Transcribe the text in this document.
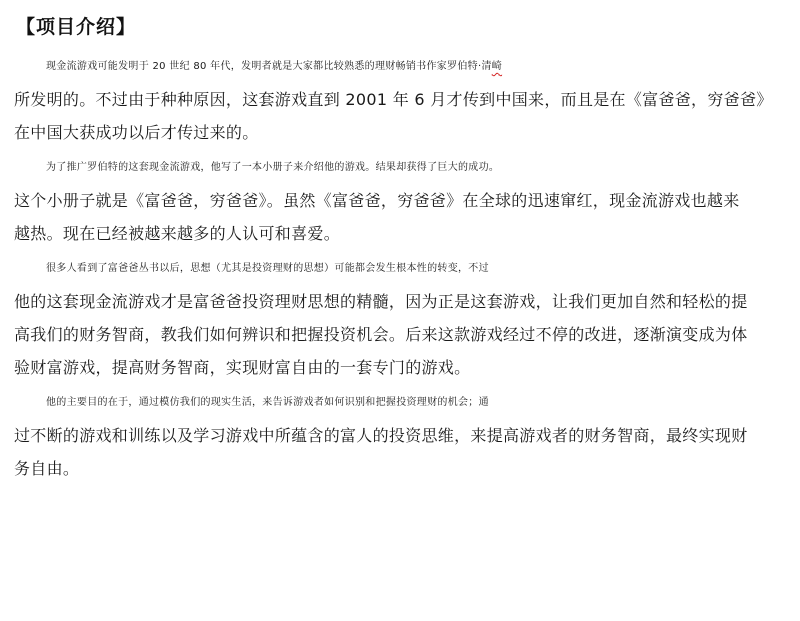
【项目介绍】
现金流游戏可能发明于 20 世纪 80 年代，发明者就是大家都比较熟悉的理财畅销书作家罗伯特·清崎
所发明的。不过由于种种原因，这套游戏直到 2001 年 6 月才传到中国来，而且是在《富爸爸，穷爸爸》
在中国大获成功以后才传过来的。
为了推广罗伯特的这套现金流游戏，他写了一本小册子来介绍他的游戏。结果却获得了巨大的成功。
这个小册子就是《富爸爸，穷爸爸》。虽然《富爸爸，穷爸爸》在全球的迅速窜红，现金流游戏也越来
越热。现在已经被越来越多的人认可和喜爱。
很多人看到了富爸爸丛书以后，思想（尤其是投资理财的思想）可能都会发生根本性的转变，不过
他的这套现金流游戏才是富爸爸投资理财思想的精髓，因为正是这套游戏，让我们更加自然和轻松的提
高我们的财务智商，教我们如何辨识和把握投资机会。后来这款游戏经过不停的改进，逐渐演变成为体
验财富游戏，提高财务智商，实现财富自由的一套专门的游戏。
他的主要目的在于，通过模仿我们的现实生活，来告诉游戏者如何识别和把握投资理财的机会；通
过不断的游戏和训练以及学习游戏中所蕴含的富人的投资思维，来提高游戏者的财务智商，最终实现财
务自由。
